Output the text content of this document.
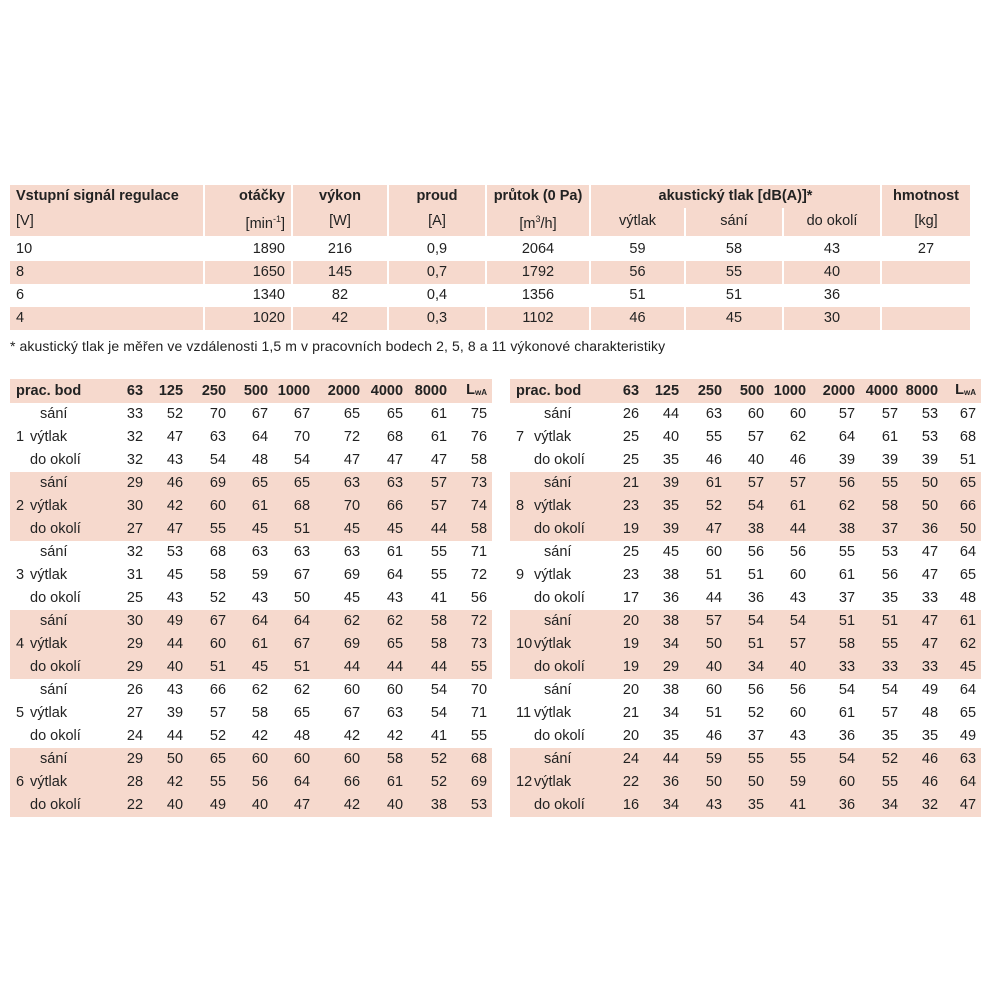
Vstupní signál regulace	otáčky	výkon	proud	průtok (0 Pa)	akustický tlak [dB(A)]*			hmotnost
[V]	$[\min^{-1}]$	[W]	[A]	$[m^3/h]$	výtlak	sání	do okolí	[kg]
10	1890	216	0,9	2064	59	58	43	27
8	1650	145	0,7	1792	56	55	40	
6	1340	82	0,4	1356	51	51	36	
4	1020	42	0,3	1102	46	45	30	
* akustický tlak je měřen ve vzdálenosti 1,5 m v pracovních bodech 2, 5, 8 a 11 výkonové charakteristiky
prac. bod		63	125	250	500	1000	2000	4000	8000	$L_{wA}$
	sání	33	52	70	67	67	65	65	61	75
1	výtlak	32	47	63	64	70	72	68	61	76
	do okolí	32	43	54	48	54	47	47	47	58
	sání	29	46	69	65	65	63	63	57	73
2	výtlak	30	42	60	61	68	70	66	57	74
	do okolí	27	47	55	45	51	45	45	44	58
	sání	32	53	68	63	63	63	61	55	71
3	výtlak	31	45	58	59	67	69	64	55	72
	do okolí	25	43	52	43	50	45	43	41	56
	sání	30	49	67	64	64	62	62	58	72
4	výtlak	29	44	60	61	67	69	65	58	73
	do okolí	29	40	51	45	51	44	44	44	55
	sání	26	43	66	62	62	60	60	54	70
5	výtlak	27	39	57	58	65	67	63	54	71
	do okolí	24	44	52	42	48	42	42	41	55
	sání	29	50	65	60	60	60	58	52	68
6	výtlak	28	42	55	56	64	66	61	52	69
	do okolí	22	40	49	40	47	42	40	38	53
prac. bod		63	125	250	500	1000	2000	4000	8000	$L_{wA}$
	sání	26	44	63	60	60	57	57	53	67
7	výtlak	25	40	55	57	62	64	61	53	68
	do okolí	25	35	46	40	46	39	39	39	51
	sání	21	39	61	57	57	56	55	50	65
8	výtlak	23	35	52	54	61	62	58	50	66
	do okolí	19	39	47	38	44	38	37	36	50
	sání	25	45	60	56	56	55	53	47	64
9	výtlak	23	38	51	51	60	61	56	47	65
	do okolí	17	36	44	36	43	37	35	33	48
	sání	20	38	57	54	54	51	51	47	61
10	výtlak	19	34	50	51	57	58	55	47	62
	do okolí	19	29	40	34	40	33	33	33	45
	sání	20	38	60	56	56	54	54	49	64
11	výtlak	21	34	51	52	60	61	57	48	65
	do okolí	20	35	46	37	43	36	35	35	49
	sání	24	44	59	55	55	54	52	46	63
12	výtlak	22	36	50	50	59	60	55	46	64
	do okolí	16	34	43	35	41	36	34	32	47
